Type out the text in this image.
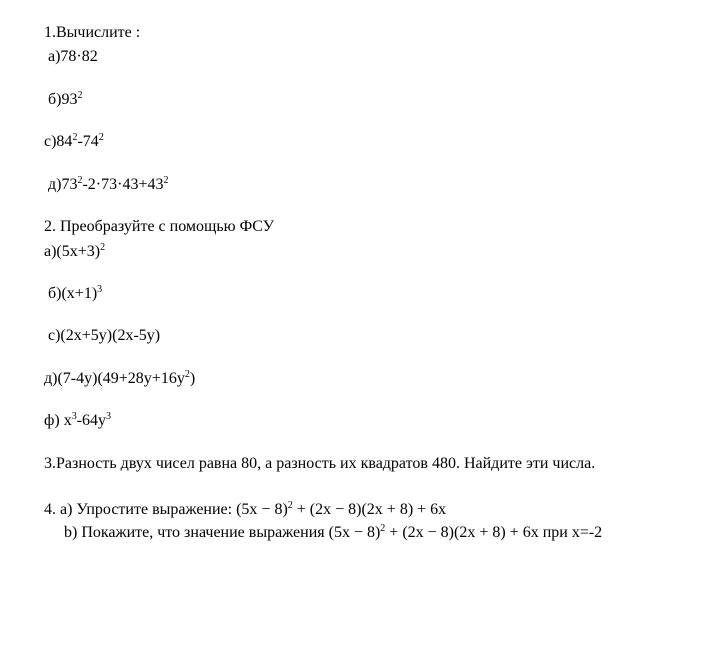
1.Вычислите :
а)78·82
$б)93^2$
$с)84^2-74^2$
$д)73^2-2\cdot 73\cdot 43+43^2$
2. Преобразуйте с помощью ФСУ
$а)(5х+3)^2$
$б)(х+1)^3$
с)(2х+5у)(2х-5у)
$д)(7-4у)(49+28у+16у^2)$
ф) $х^3-64у^3$
3.Разность двух чисел равна 80, а разность их квадратов 480. Найдите эти числа.
4. a) Упростите выражение: $(5x - 8)^2 + (2x - 8)(2x + 8) + 6x$
b) Покажите, что значение выражения $(5x - 8)^2 + (2x - 8)(2x + 8) + 6x$ при х=-2
